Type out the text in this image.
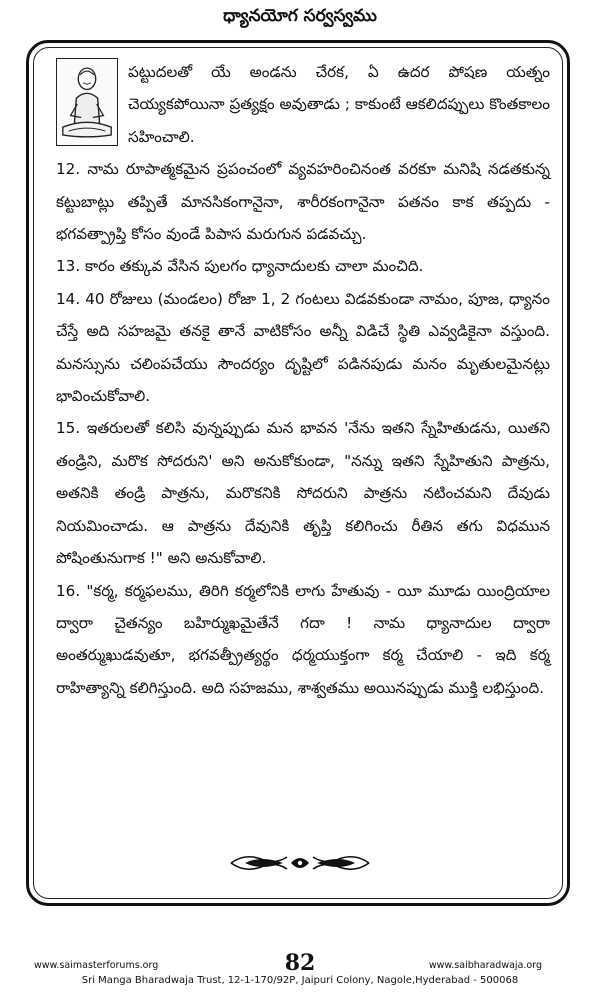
ధ్యానయోగ సర్వస్వము

పట్టుదలతో యే అండను చేరక, ఏ ఉదర పోషణ యత్నం చెయ్యకపోయినా ప్రత్యక్షం అవుతాడు ; కాకుంటే ఆకలిదప్పులు కొంతకాలం సహించాలి.

12. నామ రూపాత్మకమైన ప్రపంచంలో వ్యవహరించినంత వరకూ మనిషి నడతకున్న కట్టుబాట్లు తప్పితే మానసికంగానైనా, శారీరకంగానైనా పతనం కాక తప్పదు - భగవత్ప్రాప్తి కోసం వుండే పిపాస మరుగున పడవచ్చు.

13. కారం తక్కువ వేసిన పులగం ధ్యానాదులకు చాలా మంచిది.

14. 40 రోజులు (మండలం) రోజా 1, 2 గంటలు విడవకుండా నామం, పూజ, ధ్యానం చేస్తే అది సహజమై తనకై తానే వాటికోసం అన్నీ విడిచే స్థితి ఎవ్వడికైనా వస్తుంది. మనస్సును చలింపచేయు సౌందర్యం దృష్టిలో పడినపుడు మనం మృతులమైనట్లు భావించుకోవాలి.

15. ఇతరులతో కలిసి వున్నప్పుడు మన భావన 'నేను ఇతని స్నేహితుడను, యితని తండ్రిని, మరొక సోదరుని' అని అనుకోకుండా, "నన్ను ఇతని స్నేహితుని పాత్రను, అతనికి తండ్రి పాత్రను, మరొకనికి సోదరుని పాత్రను నటించమని దేవుడు నియమించాడు. ఆ పాత్రను దేవునికి తృప్తి కలిగించు రీతిన తగు విధమున పోషింతునుగాక !" అని అనుకోవాలి.

16. "కర్మ, కర్మఫలము, తిరిగి కర్మలోనికి లాగు హేతువు - యీ మూడు యింద్రియాల ద్వారా చైతన్యం బహిర్ముఖమైతేనే గదా ! నామ ధ్యానాదుల ద్వారా అంతర్ముఖుడవుతూ, భగవత్ప్రీత్యర్థం ధర్మయుక్తంగా కర్మ చేయాలి - ఇది కర్మ రాహిత్యాన్ని కలిగిస్తుంది. అది సహజము, శాశ్వతము అయినప్పుడు ముక్తి లభిస్తుంది.

www.saimasterforums.org	82	www.saibharadwaja.org
Sri Manga Bharadwaja Trust, 12-1-170/92P, Jaipuri Colony, Nagole,Hyderabad - 500068
